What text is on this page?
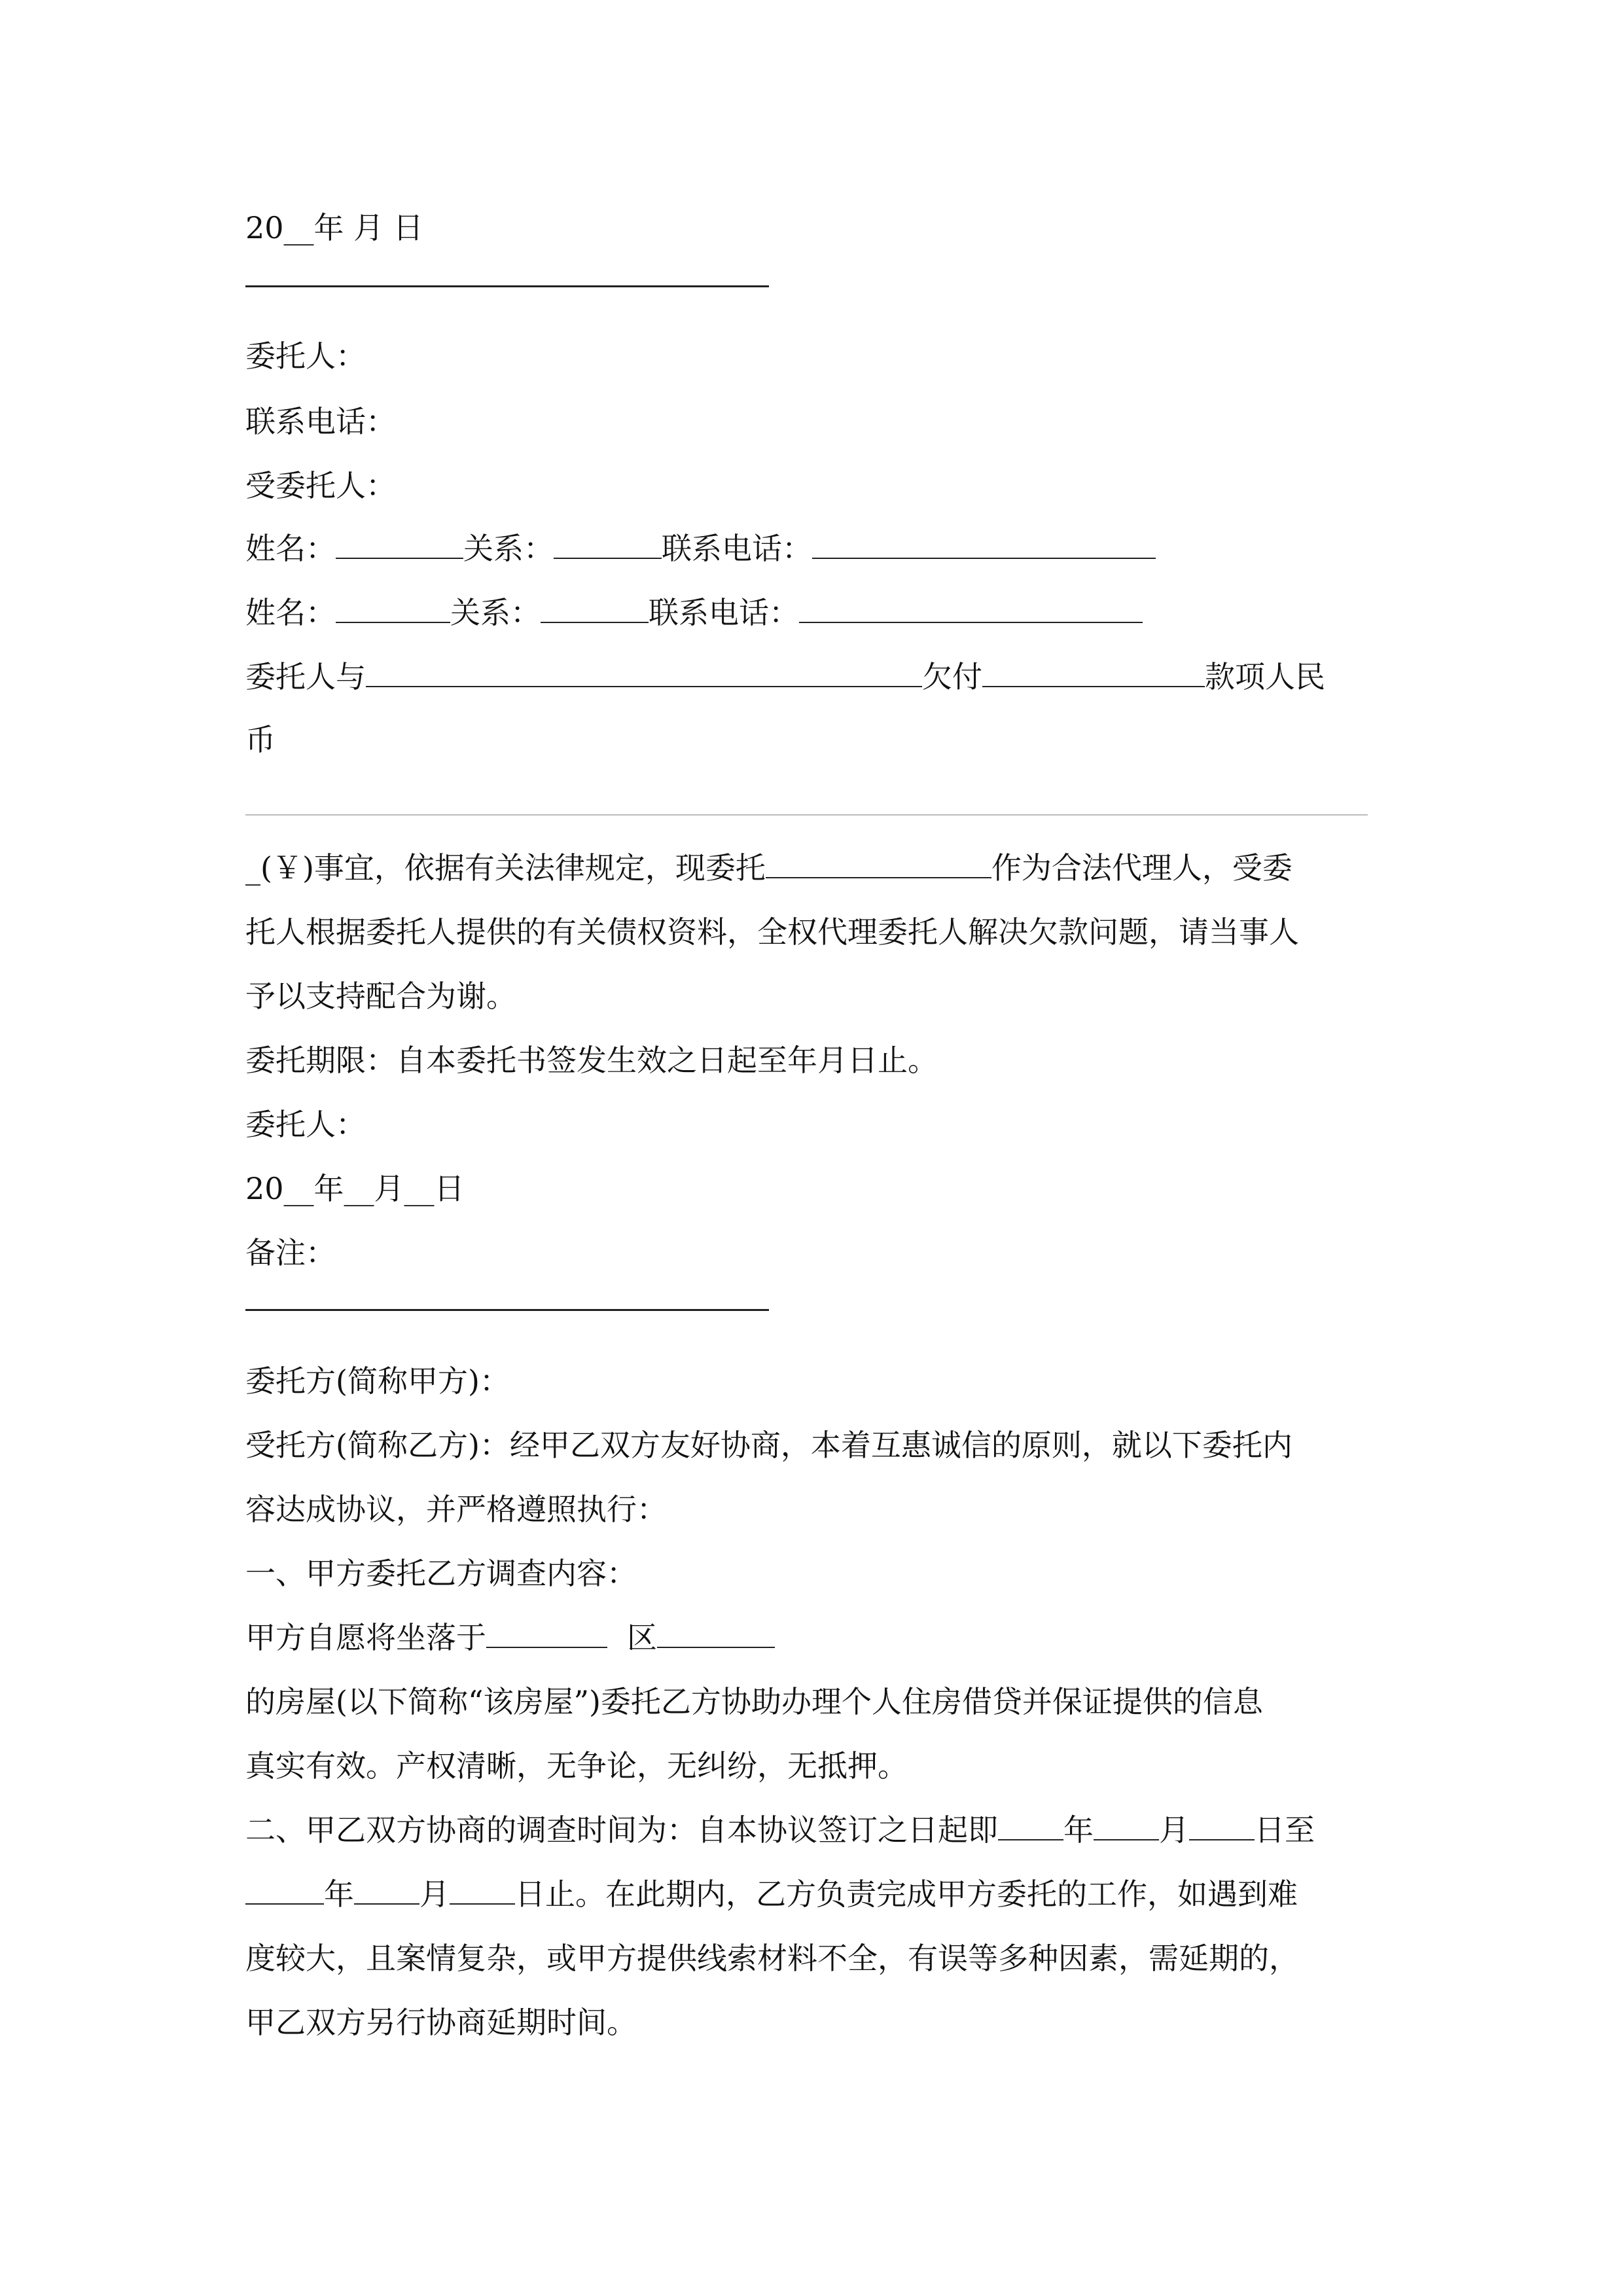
20__年 月 日
委托人：
联系电话：
受委托人：
姓名：	关系：	联系电话：
姓名：	关系：	联系电话：
委托人与	欠付	款项人民
币
_(￥)事宜，依据有关法律规定，现委托	作为合法代理人，受委
托人根据委托人提供的有关债权资料，全权代理委托人解决欠款问题，请当事人
予以支持配合为谢。
委托期限：自本委托书签发生效之日起至年月日止。
委托人：
20__年__月__日
备注：
委托方(简称甲方)：
受托方(简称乙方)：经甲乙双方友好协商，本着互惠诚信的原则，就以下委托内
容达成协议，并严格遵照执行：
一、甲方委托乙方调查内容：
甲方自愿将坐落于	区
的房屋(以下简称“该房屋”)委托乙方协助办理个人住房借贷并保证提供的信息
真实有效。产权清晰，无争论，无纠纷，无抵押。
二、甲乙双方协商的调查时间为：自本协议签订之日起即 年 月 日至
年 月 日止。在此期内，乙方负责完成甲方委托的工作，如遇到难
度较大，且案情复杂，或甲方提供线索材料不全，有误等多种因素，需延期的，
甲乙双方另行协商延期时间。
